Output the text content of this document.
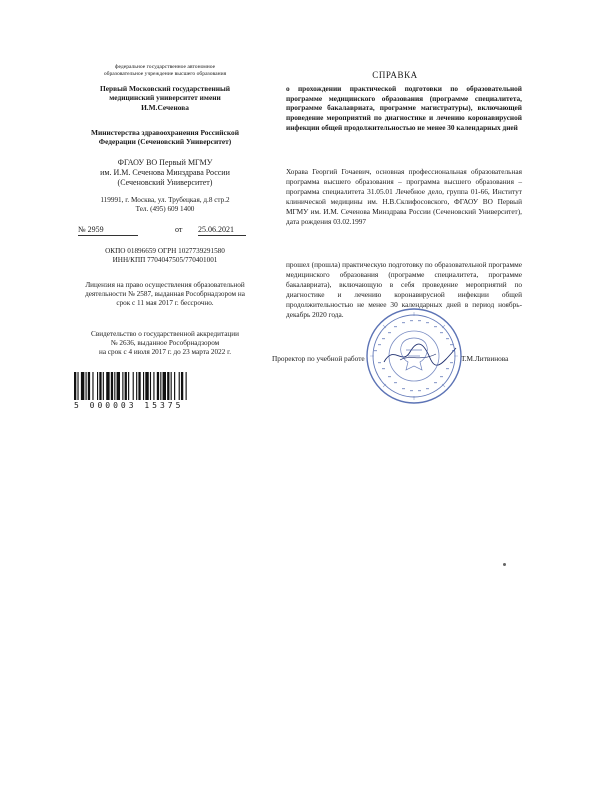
федеральное государственное автономное
образовательное учреждение высшего образования
Первый Московский государственный
медицинский университет имени
И.М.Сеченова
Министерства здравоохранения Российской
Федерации (Сеченовский Университет)
ФГАОУ ВО Первый МГМУ
им. И.М. Сеченова Минздрава России
(Сеченовский Университет)
119991, г. Москва, ул. Трубецкая, д.8 стр.2
Тел. (495) 609 1400
№ 2959	от 25.06.2021
ОКПО 01896659 ОГРН 1027739291580
ИНН/КПП 7704047505/770401001
Лицензия на право осуществления образовательной
деятельности № 2587, выданная Рособрнадзором на
срок с 11 мая 2017 г. бессрочно.
Свидетельство о государственной аккредитации
№ 2636, выданное Рособрнадзором
на срок с 4 июля 2017 г. до 23 марта 2022 г.
5 000003 15375
СПРАВКА
о прохождении практической подготовки по образовательной программе медицинского образования (программе специалитета, программе бакалавриата, программе магистратуры), включающей проведение мероприятий по диагностике и лечению коронавирусной инфекции общей продолжительностью не менее 30 календарных дней
Хорава Георгий Гочаевич, основная профессиональная образовательная программа высшего образования – программа высшего образования – программа специалитета 31.05.01 Лечебное дело, группа 01-66, Институт клинической медицины им. Н.В.Склифосовского, ФГАОУ ВО Первый МГМУ им. И.М. Сеченова Минздрава России (Сеченовский Университет), дата рождения 03.02.1997
прошел (прошла) практическую подготовку по образовательной программе медицинского образования (программе специалитета, программе бакалавриата), включающую в себя проведение мероприятий по диагностике и лечению коронавирусной инфекции общей продолжительностью не менее 30 календарных дней в период ноябрь-декабрь 2020 года.
Проректор по учебной работе	Т.М.Литвинова
